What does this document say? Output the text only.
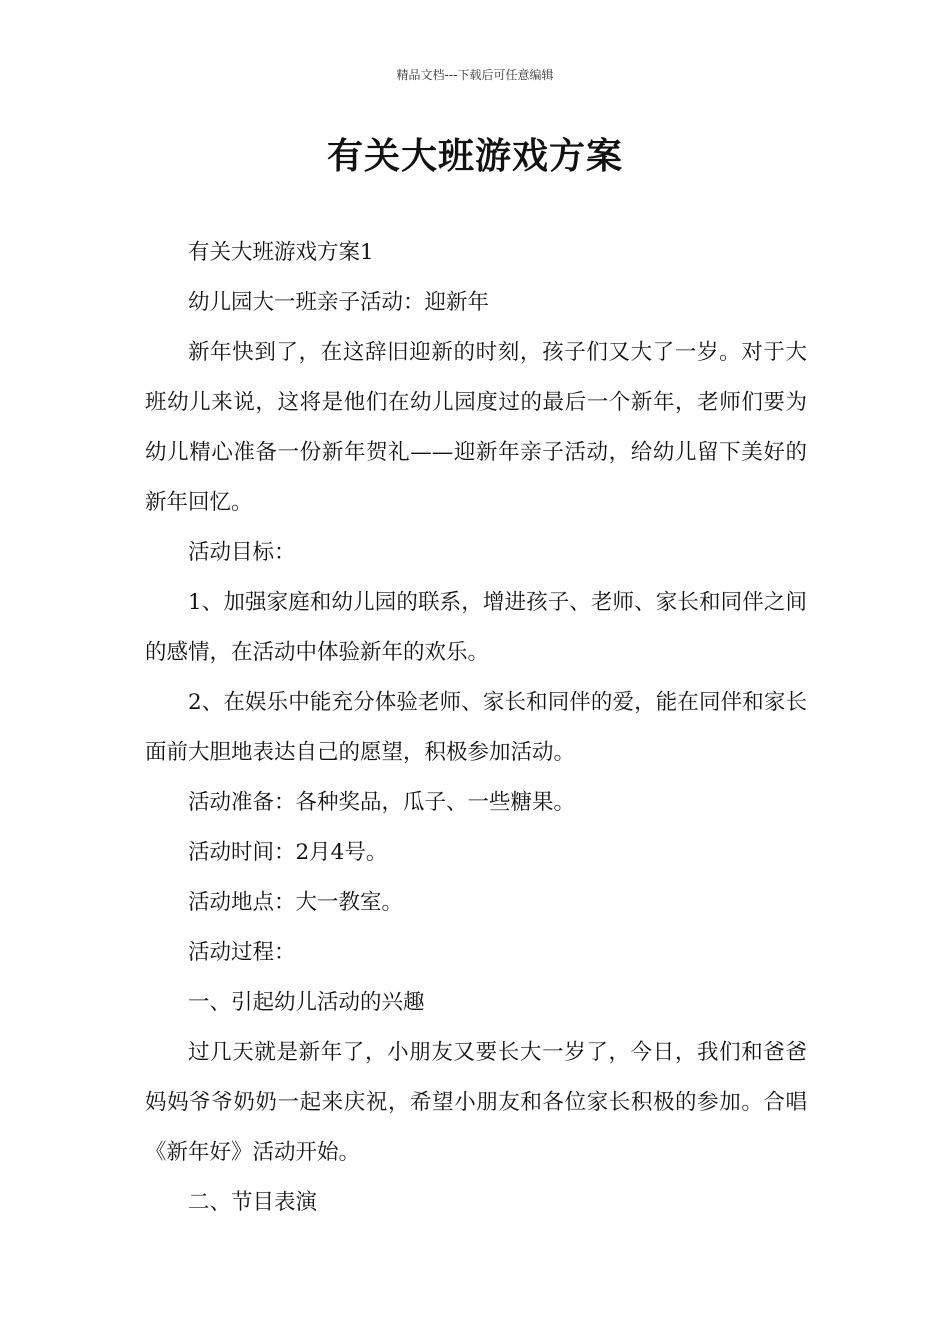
精品文档---下载后可任意编辑
有关大班游戏方案

有关大班游戏方案1

幼儿园大一班亲子活动：迎新年

新年快到了，在这辞旧迎新的时刻，孩子们又大了一岁。对于大班幼儿来说，这将是他们在幼儿园度过的最后一个新年，老师们要为幼儿精心准备一份新年贺礼——迎新年亲子活动，给幼儿留下美好的新年回忆。

活动目标：

1、加强家庭和幼儿园的联系，增进孩子、老师、家长和同伴之间的感情，在活动中体验新年的欢乐。

2、在娱乐中能充分体验老师、家长和同伴的爱，能在同伴和家长面前大胆地表达自己的愿望，积极参加活动。

活动准备：各种奖品，瓜子、一些糖果。

活动时间：2月4号。

活动地点：大一教室。

活动过程：

一、引起幼儿活动的兴趣

过几天就是新年了，小朋友又要长大一岁了，今日，我们和爸爸妈妈爷爷奶奶一起来庆祝，希望小朋友和各位家长积极的参加。合唱《新年好》活动开始。

二、节目表演
